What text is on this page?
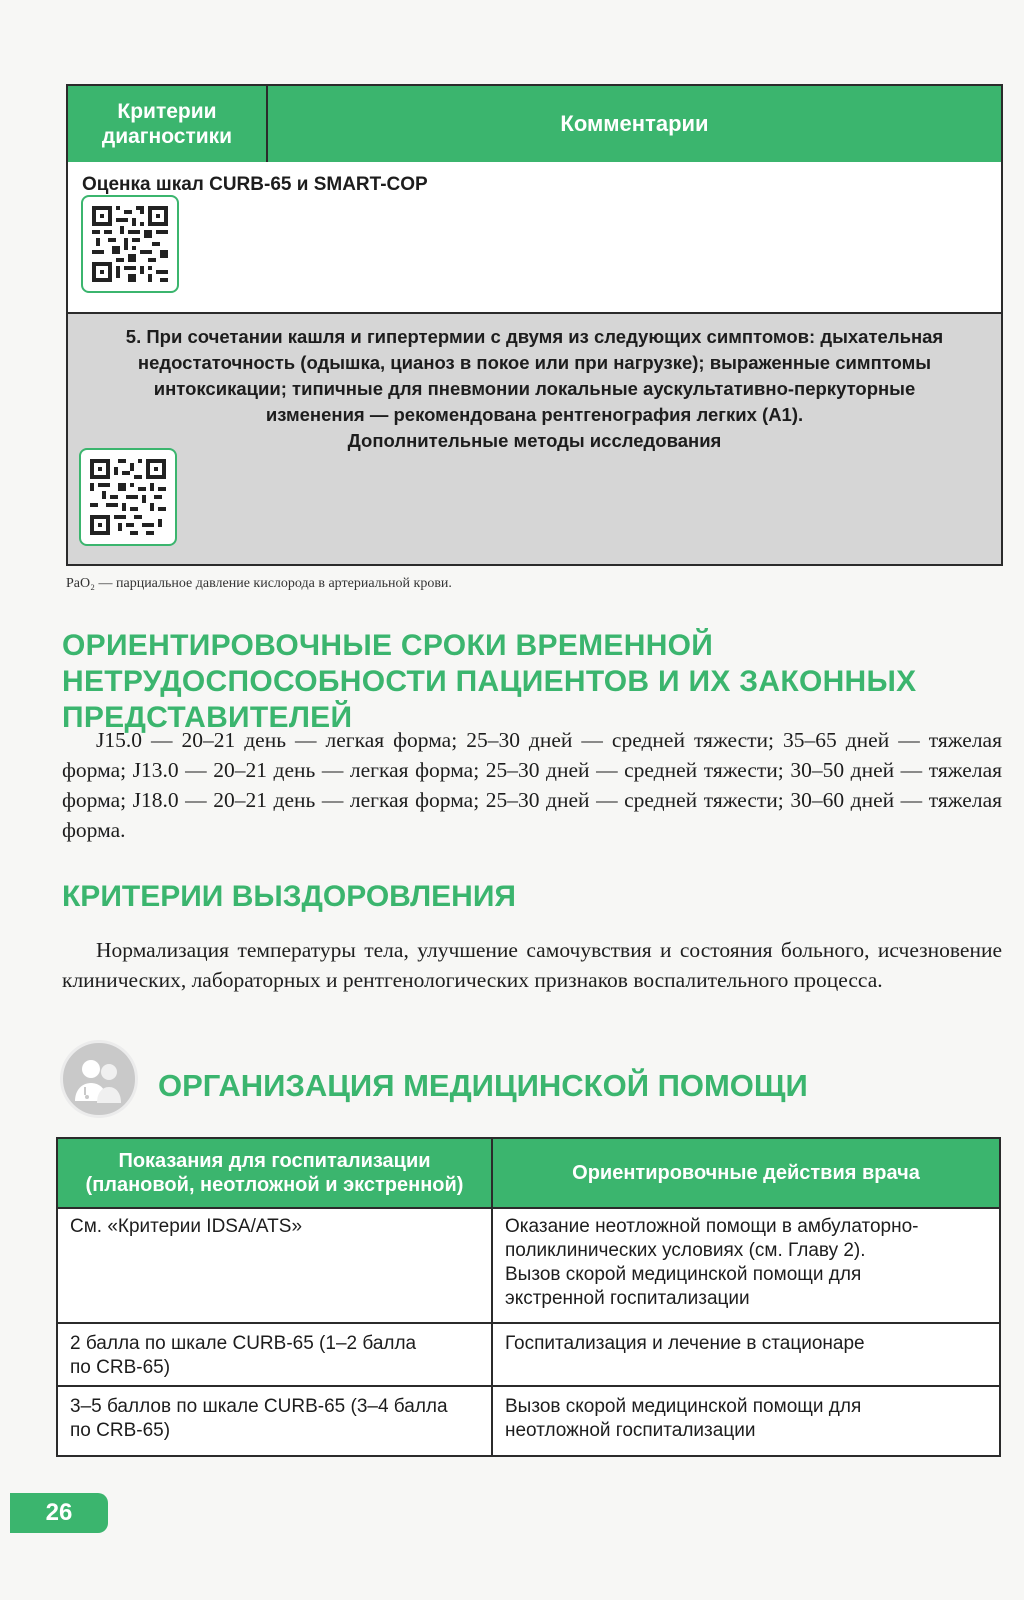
Критерии
диагностики
Комментарии
Оценка шкал CURB-65 и SMART-COP
5. При сочетании кашля и гипертермии с двумя из следующих симптомов: дыхательная недостаточность (одышка, цианоз в покое или при нагрузке); выраженные симптомы интоксикации; типичные для пневмонии локальные аускультативно-перкуторные изменения — рекомендована рентгенография легких (А1).
Дополнительные методы исследования
РаО₂ — парциальное давление кислорода в артериальной крови.
ОРИЕНТИРОВОЧНЫЕ СРОКИ ВРЕМЕННОЙ НЕТРУДОСПОСОБНОСТИ ПАЦИЕНТОВ И ИХ ЗАКОННЫХ ПРЕДСТАВИТЕЛЕЙ
J15.0 — 20–21 день — легкая форма; 25–30 дней — средней тяжести; 35–65 дней — тяжелая форма; J13.0 — 20–21 день — легкая форма; 25–30 дней — средней тяжести; 30–50 дней — тяжелая форма; J18.0 — 20–21 день — легкая форма; 25–30 дней — средней тяжести; 30–60 дней — тяжелая форма.
КРИТЕРИИ ВЫЗДОРОВЛЕНИЯ
Нормализация температуры тела, улучшение самочувствия и состояния больного, исчезновение клинических, лабораторных и рентгенологических признаков воспалительного процесса.
ОРГАНИЗАЦИЯ МЕДИЦИНСКОЙ ПОМОЩИ
Показания для госпитализации
(плановой, неотложной и экстренной)
Ориентировочные действия врача
См. «Критерии IDSA/ATS»	Оказание неотложной помощи в амбулаторно-
поликлинических условиях (см. Главу 2).
Вызов скорой медицинской помощи для
экстренной госпитализации
2 балла по шкале CURB-65 (1–2 балла
по CRB-65)
Госпитализация и лечение в стационаре
3–5 баллов по шкале CURB-65 (3–4 балла
по CRB-65)
Вызов скорой медицинской помощи для
неотложной госпитализации
26
